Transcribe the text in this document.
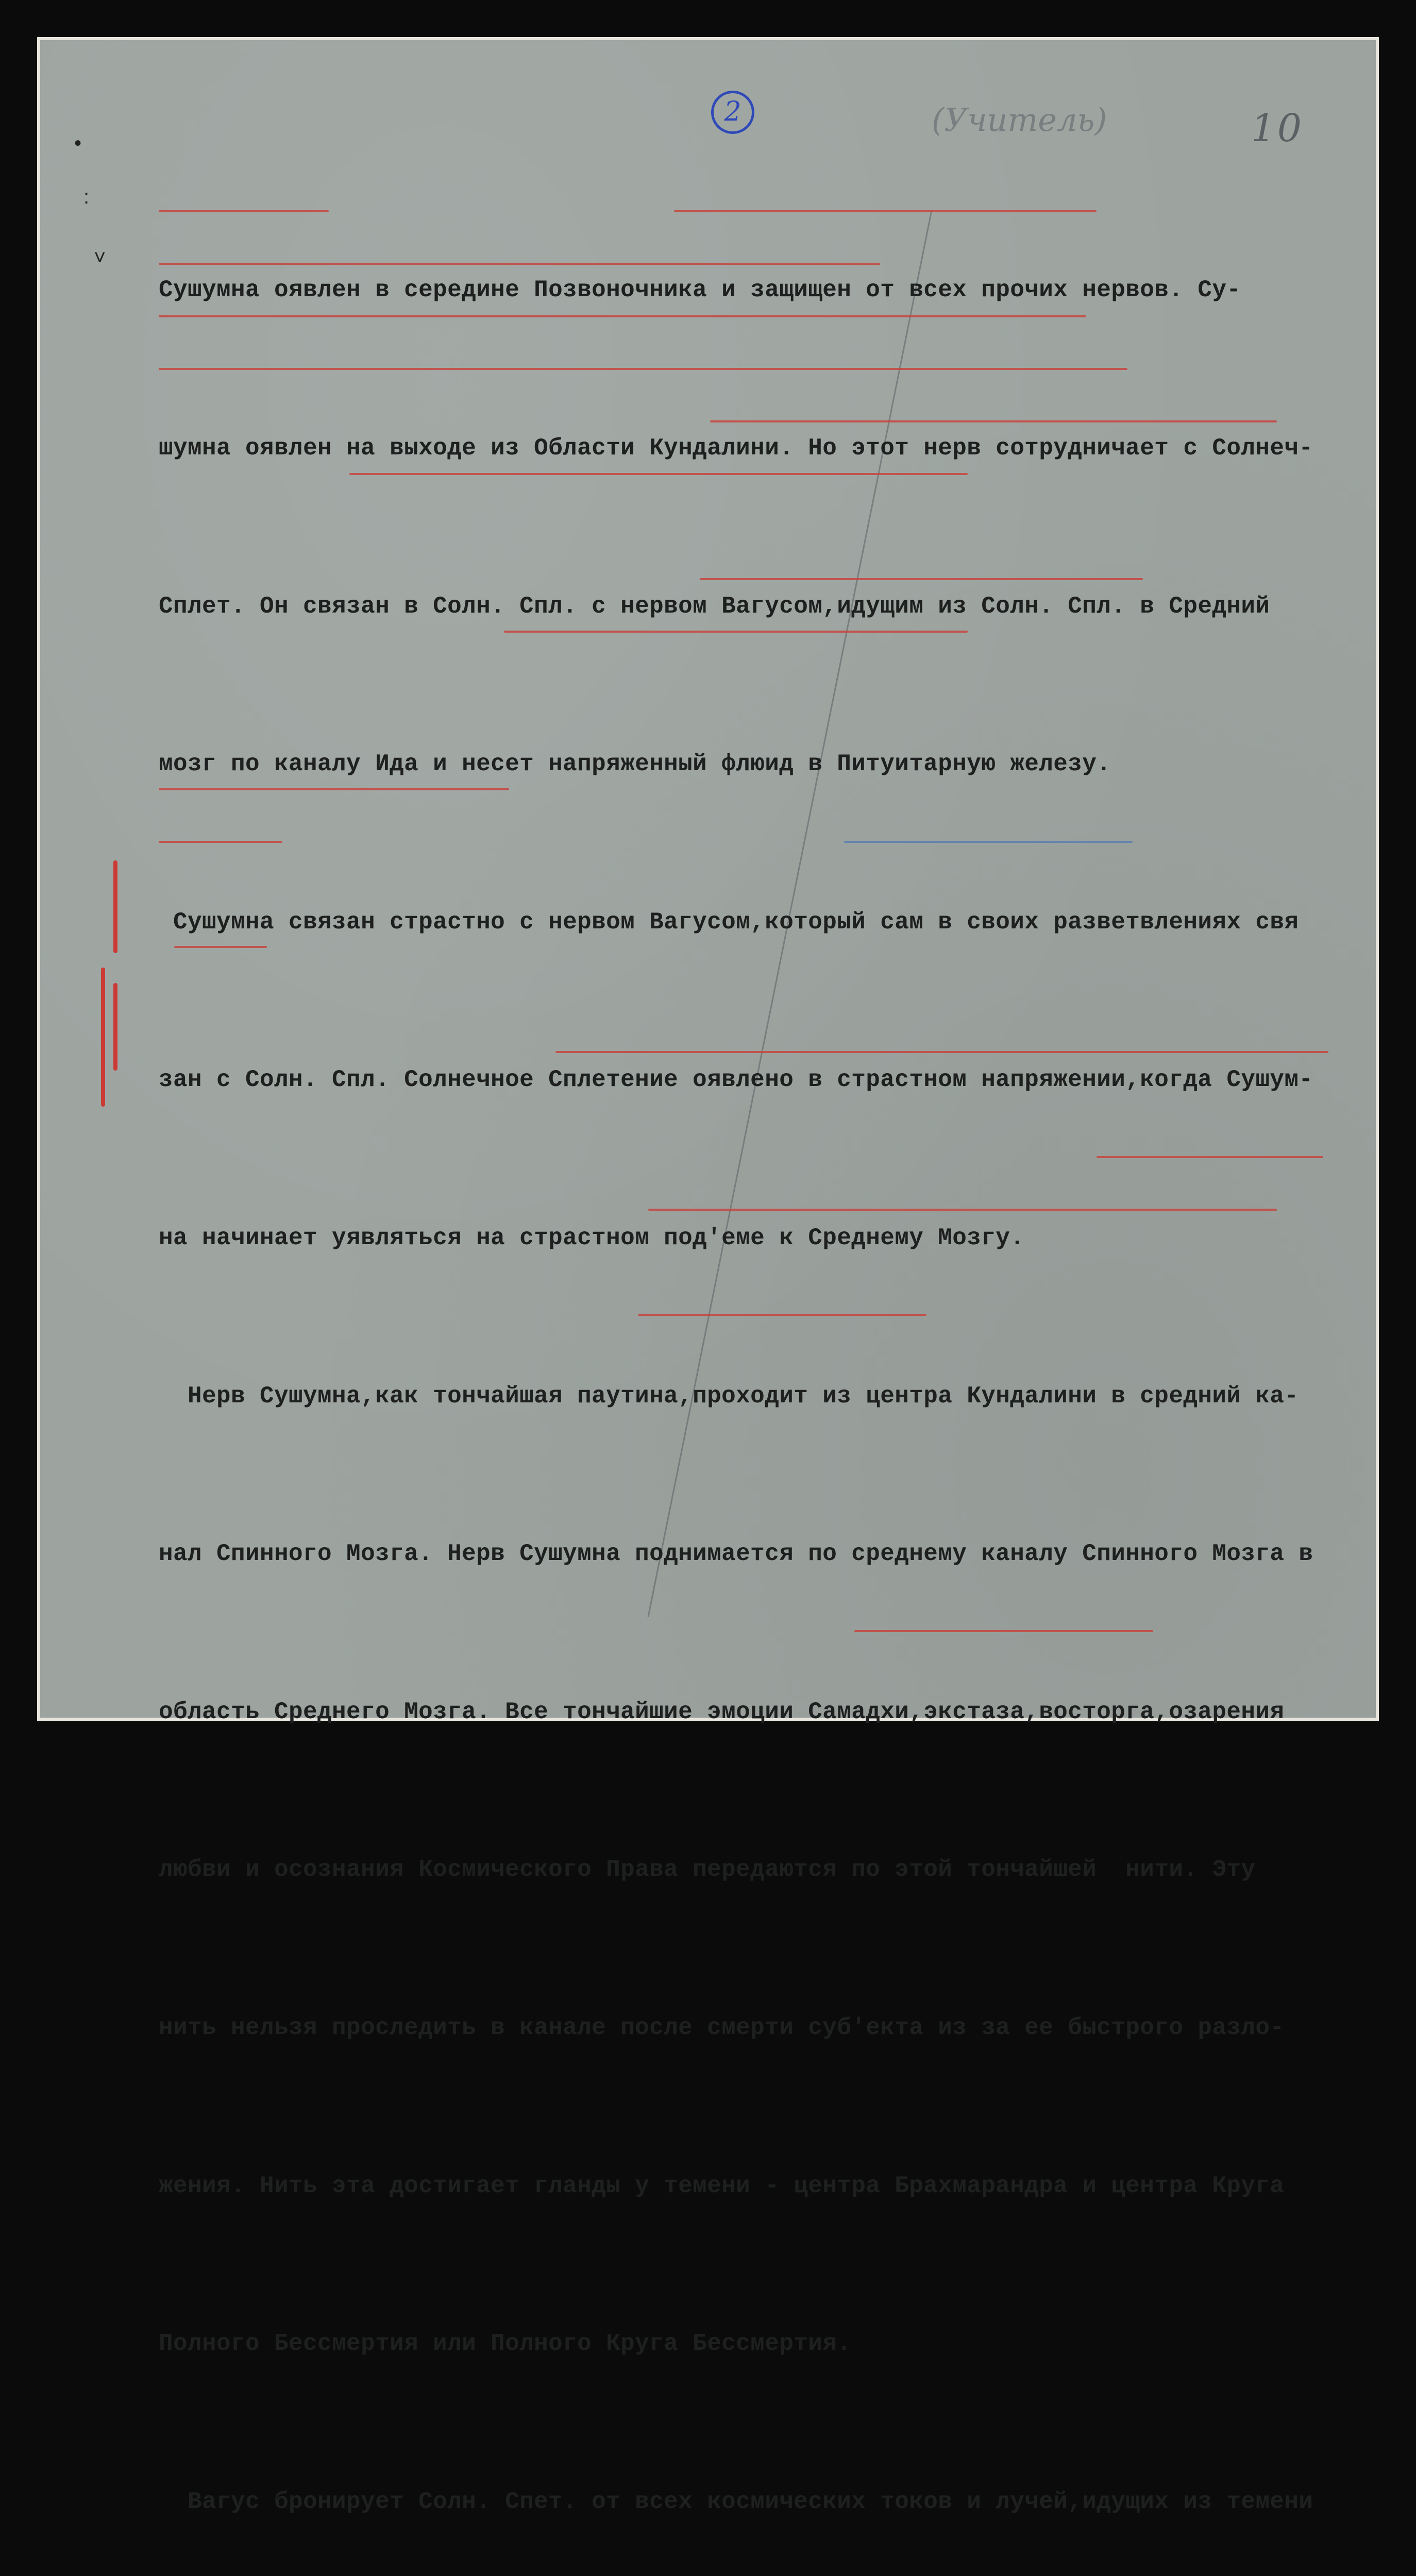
2	(Учитель)	10
•
:
˅

Сушумна оявлен в середине Позвоночника и защищен от всех прочих нервов. Су-

шумна оявлен на выходе из Области Кундалини. Но этот нерв сотрудничает с Солнеч-

Сплет. Он связан в Солн. Спл. с нервом Вагусом,идущим из Солн. Спл. в Средний

мозг по каналу Ида и несет напряженный флюид в Питуитарную железу.

Сушумна связан страстно с нервом Вагусом,который сам в своих разветвлениях свя

зан с Солн. Спл. Солнечное Сплетение оявлено в страстном напряжении,когда Сушум-

на начинает уявляться на страстном под'еме к Среднему Мозгу.

Нерв Сушумна,как тончайшая паутина,проходит из центра Кундалини в средний ка-

нал Спинного Мозга. Нерв Сушумна поднимается по среднему каналу Спинного Мозга в

область Среднего Мозга. Все тончайшие эмоции Самадхи,экстаза,восторга,озарения

любви и осознания Космического Права передаются по этой тончайшей  нити. Эту

нить нельзя проследить в канале после смерти суб'екта из за ее быстрого разло-

жения. Нить эта достигает гланды у темени - центра Брахмарандра и центра Круга

Полного Бессмертия или Полного Круга Бессмертия.

Вагус бронирует Солн. Спет. от всех космических токов и лучей,идущих из темени
